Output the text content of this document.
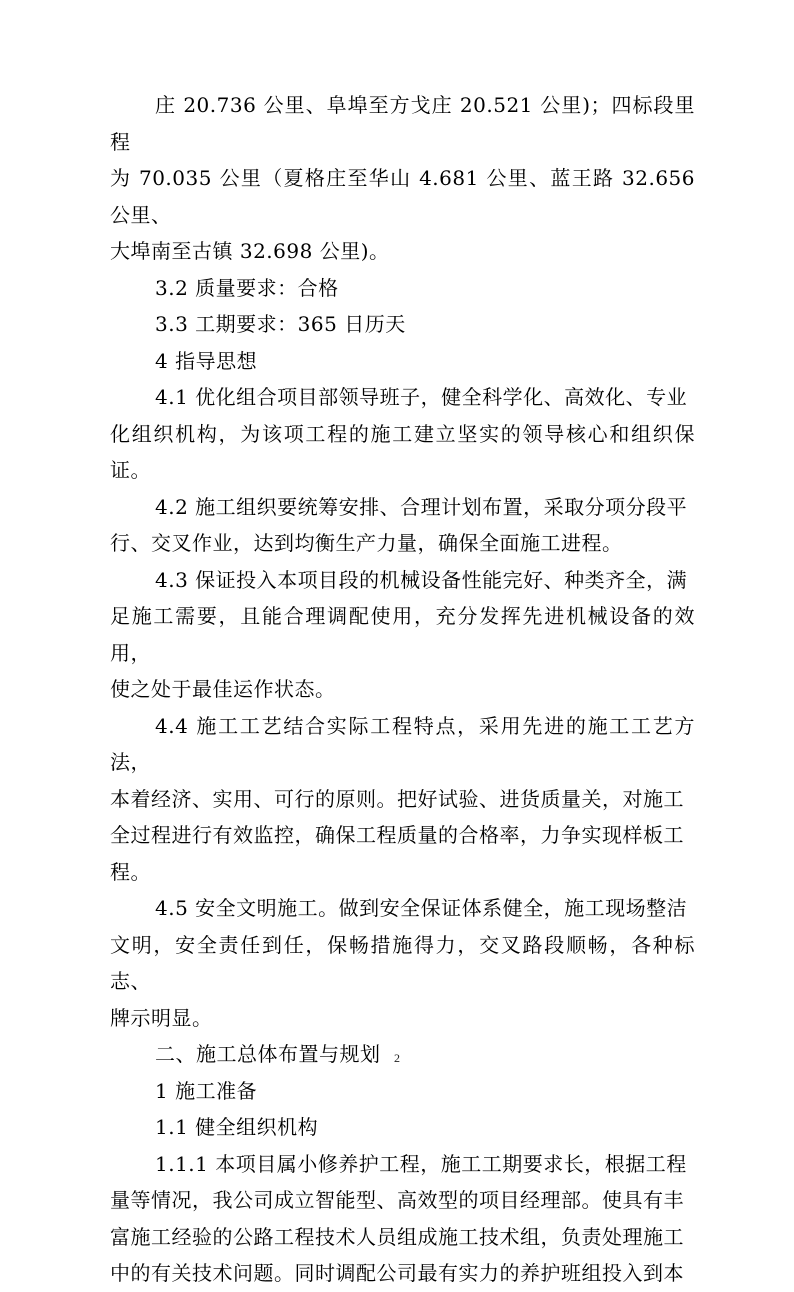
庄 20.736 公里、阜埠至方戈庄 20.521 公里)；四标段里程

为 70.035 公里（夏格庄至华山 4.681 公里、蓝王路 32.656 公里、
大埠南至古镇 32.698 公里)。

3.2 质量要求：合格

3.3 工期要求：365 日历天

4 指导思想

4.1 优化组合项目部领导班子，健全科学化、高效化、专业

化组织机构，为该项工程的施工建立坚实的领导核心和组织保证。

4.2 施工组织要统筹安排、合理计划布置，采取分项分段平

行、交叉作业，达到均衡生产力量，确保全面施工进程。

4.3 保证投入本项目段的机械设备性能完好、种类齐全，满

足施工需要，且能合理调配使用，充分发挥先进机械设备的效用，
使之处于最佳运作状态。

4.4 施工工艺结合实际工程特点，采用先进的施工工艺方法，

本着经济、实用、可行的原则。把好试验、进货质量关，对施工
全过程进行有效监控，确保工程质量的合格率，力争实现样板工
程。

4.5 安全文明施工。做到安全保证体系健全，施工现场整洁

文明，安全责任到任，保畅措施得力，交叉路段顺畅，各种标志、
牌示明显。

二、施工总体布置与规划

1 施工准备

1.1 健全组织机构

1.1.1 本项目属小修养护工程，施工工期要求长，根据工程

量等情况，我公司成立智能型、高效型的项目经理部。使具有丰
富施工经验的公路工程技术人员组成施工技术组，负责处理施工
中的有关技术问题。同时调配公司最有实力的养护班组投入到本

2
